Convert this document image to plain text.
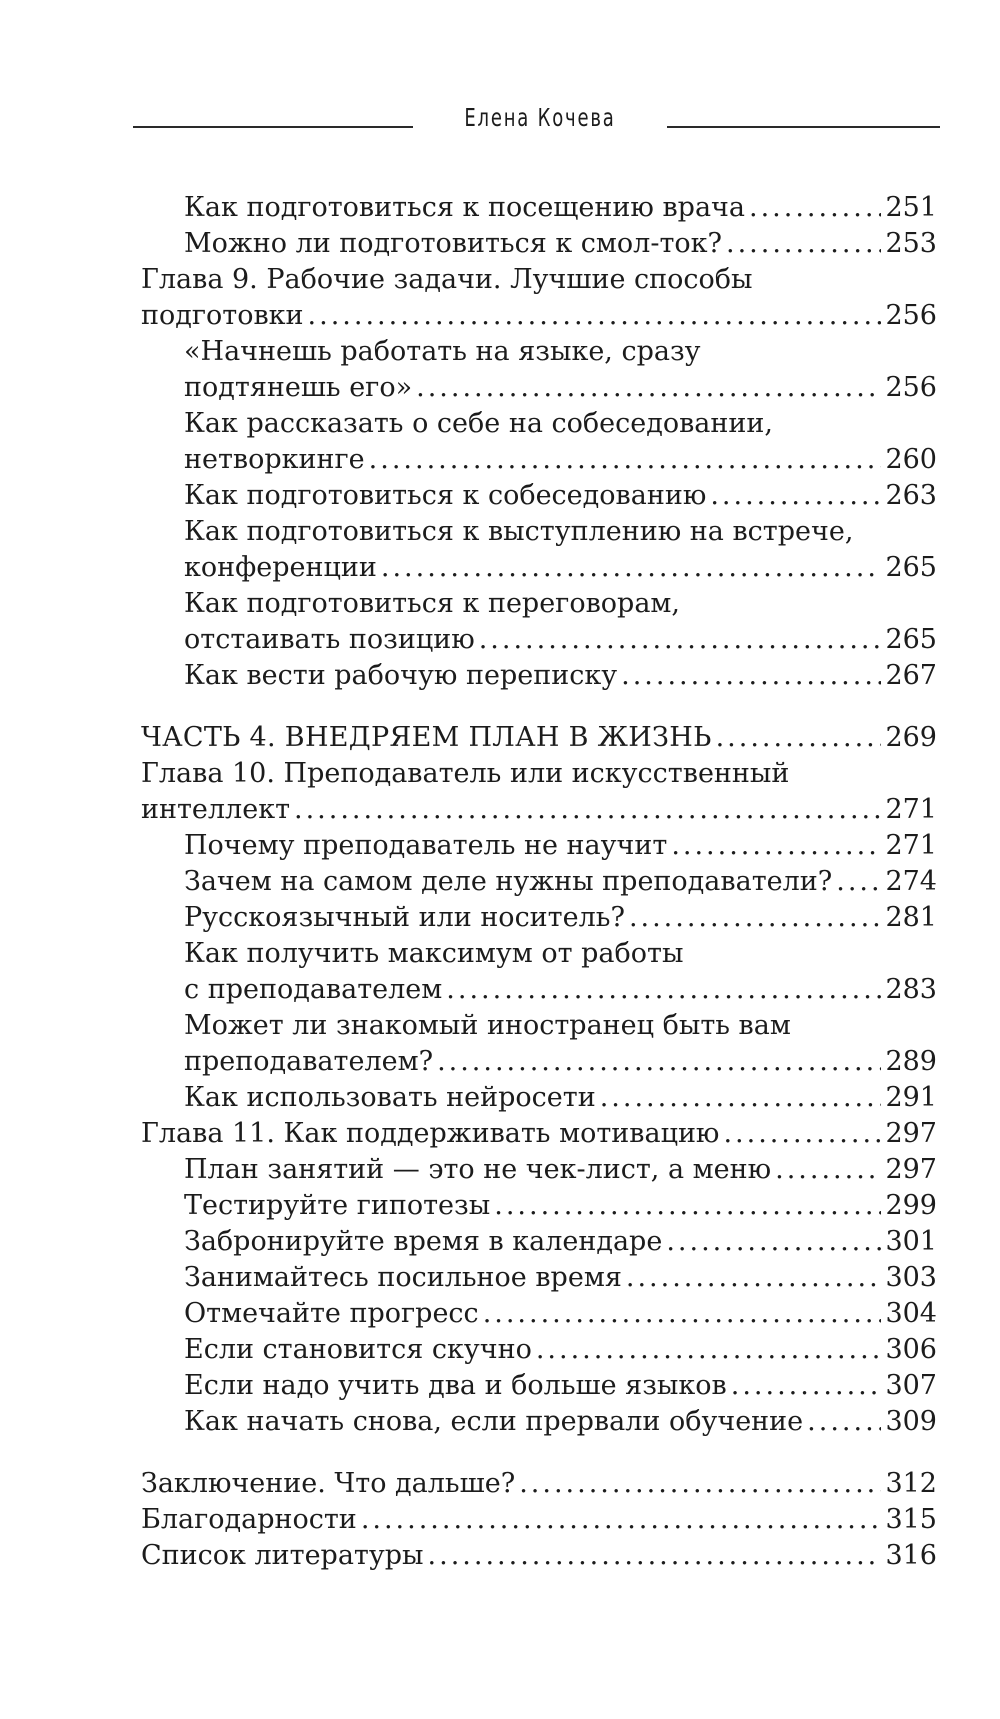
Елена Кочева
Как подготовиться к посещению врача .....	251
Можно ли подготовиться к смол-ток? .....	253
Глава 9. Рабочие задачи. Лучшие способы
подготовки .....	256
«Начнешь работать на языке, сразу
подтянешь его» .....	256
Как рассказать о себе на собеседовании,
нетворкинге .....	260
Как подготовиться к собеседованию .....	263
Как подготовиться к выступлению на встрече,
конференции .....	265
Как подготовиться к переговорам,
отстаивать позицию .....	265
Как вести рабочую переписку .....	267
ЧАСТЬ 4. ВНЕДРЯЕМ ПЛАН В ЖИЗНЬ .....	269
Глава 10. Преподаватель или искусственный
интеллект .....	271
Почему преподаватель не научит .....	271
Зачем на самом деле нужны преподаватели? ..... 274
Русскоязычный или носитель? .....	281
Как получить максимум от работы
с преподавателем .....	283
Может ли знакомый иностранец быть вам
преподавателем? .....	289
Как использовать нейросети .....	291
Глава 11. Как поддерживать мотивацию .....	297
План занятий — это не чек-лист, а меню .....	297
Тестируйте гипотезы .....	299
Забронируйте время в календаре .....	301
Занимайтесь посильное время .....	303
Отмечайте прогресс .....	304
Если становится скучно .....	306
Если надо учить два и больше языков .....	307
Как начать снова, если прервали обучение .....	309
Заключение. Что дальше? .....	312
Благодарности .....	315
Список литературы .....	316
